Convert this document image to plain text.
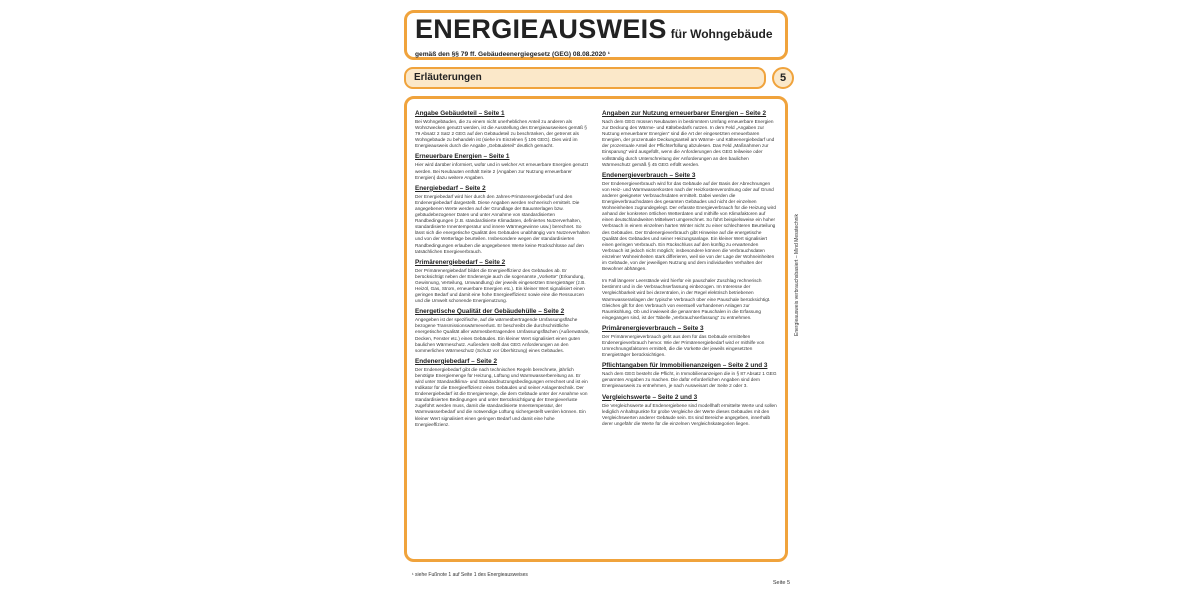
ENERGIEAUSWEIS für Wohngebäude
gemäß den §§ 79 ff. Gebäudeenergiegesetz (GEG) 08.08.2020 ¹
Erläuterungen	5
Angabe Gebäudeteil – Seite 1
Bei Wohngebäuden, die zu einem nicht unerheblichen Anteil zu anderen als Wohnzwecken genutzt werden, ist die Ausstellung des Energieausweises gemäß § 79 Absatz 2 Satz 2 GEG auf den Gebäudeteil zu beschränken, der getrennt als Wohngebäude zu behandeln ist (siehe im Einzelnen § 106 GEG). Dies wird im Energieausweis durch die Angabe „Gebäudeteil“ deutlich gemacht.
Erneuerbare Energien – Seite 1
Hier wird darüber informiert, wofür und in welcher Art erneuerbare Energien genutzt werden. Bei Neubauten enthält Seite 2 (Angaben zur Nutzung erneuerbarer Energien) dazu weitere Angaben.
Energiebedarf – Seite 2
Der Energiebedarf wird hier durch den Jahres-Primärenergiebedarf und den Endenergiebedarf dargestellt. Diese Angaben werden rechnerisch ermittelt. Die angegebenen Werte werden auf der Grundlage der Bauunterlagen bzw. gebäudebezogener Daten und unter Annahme von standardisierten Randbedingungen (z.B. standardisierte Klimadaten, definiertes Nutzerverhalten, standardisierte Innentemperatur und innere Wärmegewinne usw.) berechnet. So lässt sich die energetische Qualität des Gebäudes unabhängig vom Nutzerverhalten und von der Wetterlage beurteilen. Insbesondere wegen der standardisierten Randbedingungen erlauben die angegebenen Werte keine Rückschlüsse auf den tatsächlichen Energieverbrauch.
Primärenergiebedarf – Seite 2
Der Primärenergiebedarf bildet die Energieeffizienz des Gebäudes ab. Er berücksichtigt neben der Endenergie auch die sogenannte „Vorkette“ (Erkundung, Gewinnung, Verteilung, Umwandlung) der jeweils eingesetzten Energieträger (z.B. Heizöl, Gas, Strom, erneuerbare Energien etc.). Ein kleiner Wert signalisiert einen geringen Bedarf und damit eine hohe Energieeffizienz sowie eine die Ressourcen und die Umwelt schonende Energienutzung.
Energetische Qualität der Gebäudehülle – Seite 2
Angegeben ist der spezifische, auf die wärmeübertragende Umfassungsfläche bezogene Transmissionswärmeverlust. Er beschreibt die durchschnittliche energetische Qualität aller wärmeübertragenden Umfassungsflächen (Außenwände, Decken, Fenster etc.) eines Gebäudes. Ein kleiner Wert signalisiert einen guten baulichen Wärmeschutz. Außerdem stellt das GEG Anforderungen an den sommerlichen Wärmeschutz (Schutz vor Überhitzung) eines Gebäudes.
Endenergiebedarf – Seite 2
Der Endenergiebedarf gibt die nach technischen Regeln berechnete, jährlich benötigte Energiemenge für Heizung, Lüftung und Warmwasserbereitung an. Er wird unter Standardklima- und Standardnutzungsbedingungen errechnet und ist ein Indikator für die Energieeffizienz eines Gebäudes und seiner Anlagentechnik. Der Endenergiebedarf ist die Energiemenge, die dem Gebäude unter der Annahme von standardisierten Bedingungen und unter Berücksichtigung der Energieverluste zugeführt werden muss, damit die standardisierte Innentemperatur, der Warmwasserbedarf und die notwendige Lüftung sichergestellt werden können. Ein kleiner Wert signalisiert einen geringen Bedarf und damit eine hohe Energieeffizienz.
Angaben zur Nutzung erneuerbarer Energien – Seite 2
Nach dem GEG müssen Neubauten in bestimmtem Umfang erneuerbare Energien zur Deckung des Wärme- und Kältebedarfs nutzen. In dem Feld „Angaben zur Nutzung erneuerbarer Energien“ sind die Art der eingesetzten erneuerbaren Energien, der prozentuale Deckungsanteil am Wärme- und Kälteenergiebedarf und der prozentuale Anteil der Pflichterfüllung abzulesen. Das Feld „Maßnahmen zur Einsparung“ wird ausgefüllt, wenn die Anforderungen des GEG teilweise oder vollständig durch Unterschreitung der Anforderungen an den baulichen Wärmeschutz gemäß § 45 GEG erfüllt werden.
Endenergieverbrauch – Seite 3
Der Endenergieverbrauch wird für das Gebäude auf der Basis der Abrechnungen von Heiz- und Warmwasserkosten nach der Heizkostenverordnung oder auf Grund anderer geeigneter Verbrauchsdaten ermittelt. Dabei werden die Energieverbrauchsdaten des gesamten Gebäudes und nicht der einzelnen Wohneinheiten zugrundegelegt. Der erfasste Energieverbrauch für die Heizung wird anhand der konkreten örtlichen Wetterdaten und mithilfe von Klimafaktoren auf einen deutschlandweiten Mittelwert umgerechnet. So führt beispielsweise ein hoher Verbrauch in einem einzelnen harten Winter nicht zu einer schlechteren Beurteilung des Gebäudes. Der Endenergieverbrauch gibt Hinweise auf die energetische Qualität des Gebäudes und seiner Heizungsanlage. Ein kleiner Wert signalisiert einen geringen Verbrauch. Ein Rückschluss auf den künftig zu erwartenden Verbrauch ist jedoch nicht möglich; insbesondere können die Verbrauchsdaten einzelner Wohneinheiten stark differieren, weil sie von der Lage der Wohneinheiten im Gebäude, von der jeweiligen Nutzung und dem individuellen Verhalten der Bewohner abhängen.

Im Fall längerer Leerstände wird hierfür ein pauschaler Zuschlag rechnerisch bestimmt und in die Verbrauchserfassung einbezogen. Im Interesse der Vergleichbarkeit wird bei dezentralen, in der Regel elektrisch betriebenen Warmwasseranlagen der typische Verbrauch über eine Pauschale berücksichtigt. Gleiches gilt für den Verbrauch von eventuell vorhandenen Anlagen zur Raumkühlung. Ob und inwieweit die genannten Pauschalen in die Erfassung eingegangen sind, ist der Tabelle „Verbrauchserfassung“ zu entnehmen.
Primärenergieverbrauch – Seite 3
Der Primärenergieverbrauch geht aus dem für das Gebäude ermittelten Endenergieverbrauch hervor. Wie der Primärenergiebedarf wird er mithilfe von Umrechnungsfaktoren ermittelt, die die Vorkette der jeweils eingesetzten Energieträger berücksichtigen.
Pflichtangaben für Immobilienanzeigen – Seite 2 und 3
Nach dem GEG besteht die Pflicht, in Immobilienanzeigen die in § 87 Absatz 1 GEG genannten Angaben zu machen. Die dafür erforderlichen Angaben sind dem Energieausweis zu entnehmen, je nach Ausweisart der Seite 2 oder 3.
Vergleichswerte – Seite 2 und 3
Die Vergleichswerte auf Endenergiebene sind modellhaft ermittelte Werte und sollen lediglich Anhaltspunkte für grobe Vergleiche der Werte dieses Gebäudes mit den Vergleichswerten anderer Gebäude sein. Es sind Bereiche angegeben, innerhalb derer ungefähr die Werte für die einzelnen Vergleichskategorien liegen.
Energieausweis verbrauchsbasiert – Mind Messtechnik
¹ siehe Fußnote 1 auf Seite 1 des Energieausweises
Seite 5
